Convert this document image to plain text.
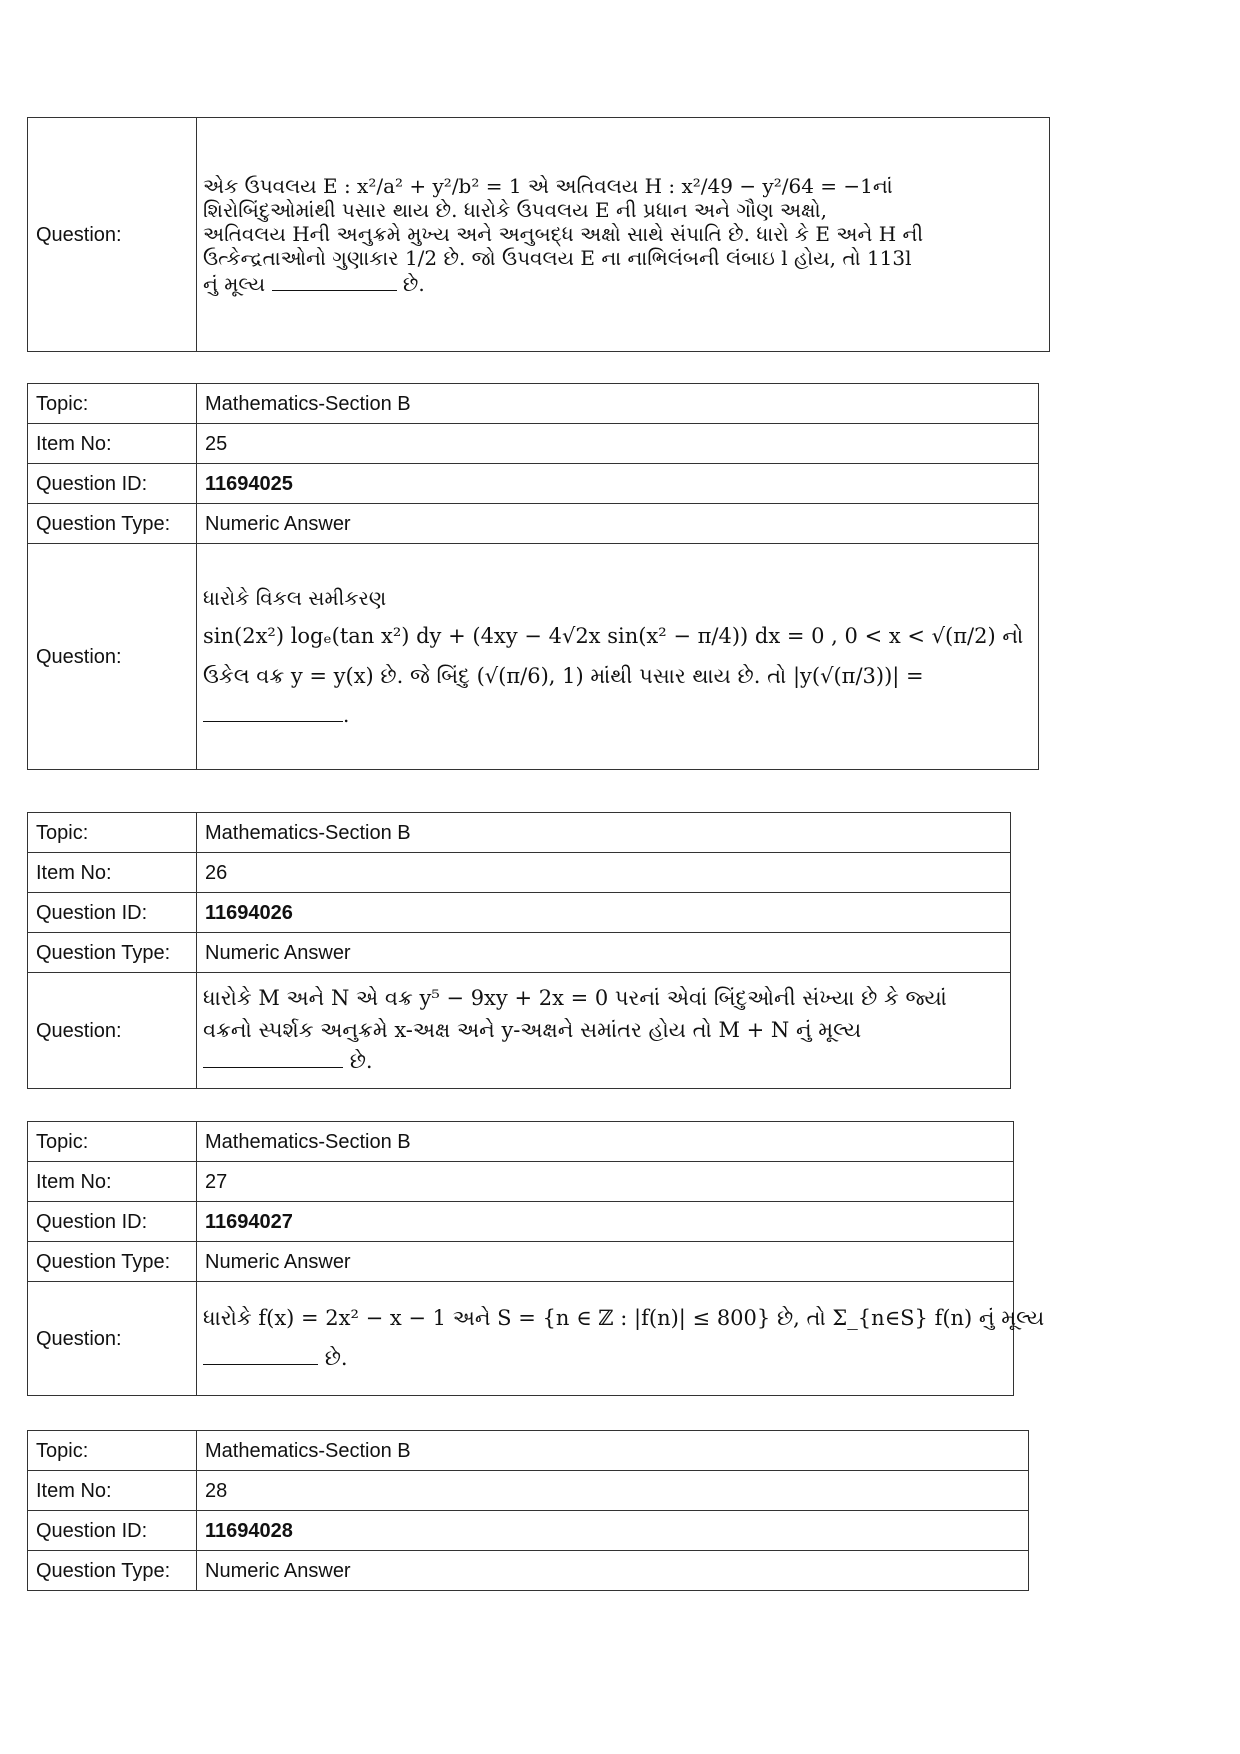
Question:	

એક ઉપવલય E : x²/a² + y²/b² = 1 એ અતિવલય H : x²/49 − y²/64 = −1નાં

શિરોબિંદુઓમાંથી પસાર થાય છે. ધારોકે ઉપવલય E ની પ્રધાન અને ગૌણ અક્ષો,

અતિવલય Hની અનુક્રમે મુખ્ય અને અનુબદ્ધ અક્ષો સાથે સંપાતિ છે. ધારો કે E અને H ની

ઉત્કેન્દ્રતાઓનો ગુણાકાર 1/2 છે. જો ઉપવલય E ના નાભિલંબની લંબાઇ l હોય, તો 113l

નું મૂલ્ય	છે.

Topic:	Mathematics-Section B
Item No:	25
Question ID:	11694025
Question Type:	Numeric Answer
Question:	ધારોકે વિકલ સમીકરણ

sin(2x²) logₑ(tan x²) dy + (4xy − 4√2x sin(x² − π/4)) dx = 0 , 0 < x < √(π/2) નો

ઉકેલ વક્ર y = y(x) છે. જે બિંદુ (√(π/6), 1) માંથી પસાર થાય છે. તો |y(√(π/3))| =

.

Topic:	Mathematics-Section B
Item No:	26
Question ID:	11694026
Question Type:	Numeric Answer
Question:	ધારોકે M અને N એ વક્ર y⁵ − 9xy + 2x = 0 પરનાં એવાં બિંદુઓની સંખ્યા છે કે જ્યાં

વક્રનો સ્પર્શક અનુક્રમે x-અક્ષ અને y-અક્ષને સમાંતર હોય તો M + N નું મૂલ્ય

છે.

Topic:	Mathematics-Section B
Item No:	27
Question ID:	11694027
Question Type:	Numeric Answer
Question:	ધારોકે f(x) = 2x² − x − 1 અને S = {n ∈ ℤ : |f(n)| ≤ 800} છે, તો Σ_{n∈S} f(n) નું મૂલ્ય

છે.

Topic:	Mathematics-Section B
Item No:	28
Question ID:	11694028
Question Type:	Numeric Answer
